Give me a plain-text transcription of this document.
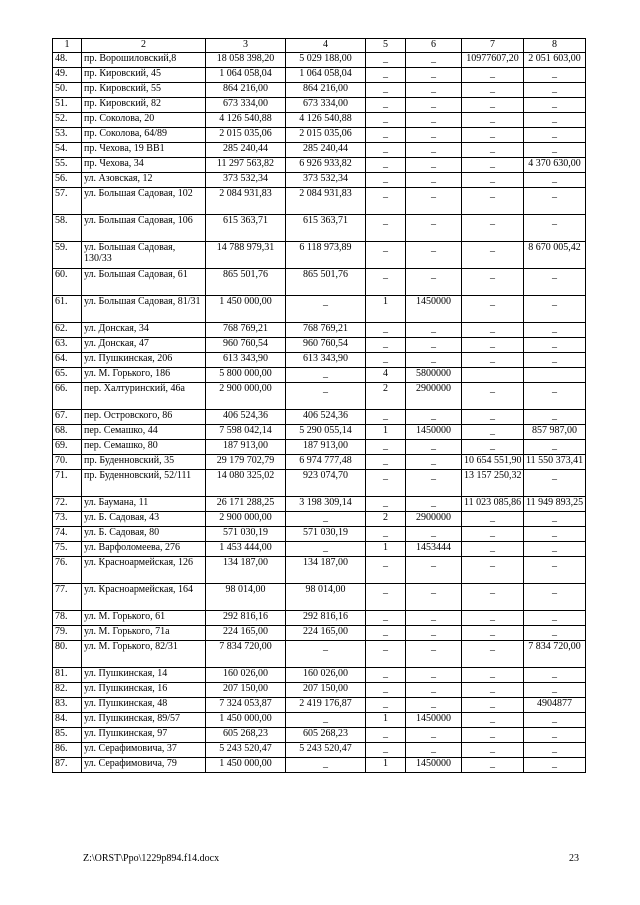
1	2	3	4	5	6	7	8
48.	пр. Ворошиловский,8	18 058 398,20	5 029 188,00	_	_	10977607,20	2 051 603,00
49.	пр. Кировский, 45	1 064 058,04	1 064 058,04	_	_	_	_
50.	пр. Кировский, 55	864 216,00	864 216,00	_	_	_	_
51.	пр. Кировский, 82	673 334,00	673 334,00	_	_	_	_
52.	пр. Соколова, 20	4 126 540,88	4 126 540,88	_	_	_	_
53.	пр. Соколова, 64/89	2 015 035,06	2 015 035,06	_	_	_	_
54.	пр. Чехова, 19 ВВ1	285 240,44	285 240,44	_	_	_	_
55.	пр. Чехова, 34	11 297 563,82	6 926 933,82	_	_	_	4 370 630,00
56.	ул. Азовская, 12	373 532,34	373 532,34	_	_	_	_
57.	ул. Большая Садовая, 102	2 084 931,83	2 084 931,83	_	_	_	_
58.	ул. Большая Садовая, 106	615 363,71	615 363,71	_	_	_	_
59.	ул. Большая Садовая, 130/33	14 788 979,31	6 118 973,89	_	_	_	8 670 005,42
60.	ул. Большая Садовая, 61	865 501,76	865 501,76	_	_	_	_
61.	ул. Большая Садовая, 81/31	1 450 000,00	_	1	1450000	_	_
62.	ул. Донская, 34	768 769,21	768 769,21	_	_	_	_
63.	ул. Донская, 47	960 760,54	960 760,54	_	_	_	_
64.	ул. Пушкинская, 206	613 343,90	613 343,90	_	_	_	_
65.	ул. М. Горького, 186	5 800 000,00	_	4	5800000		
66.	пер. Халтуринский, 46а	2 900 000,00	_	2	2900000	_	_
67.	пер. Островского, 86	406 524,36	406 524,36	_	_	_	_
68.	пер. Семашко, 44	7 598 042,14	5 290 055,14	1	1450000	_	857 987,00
69.	пер. Семашко, 80	187 913,00	187 913,00	_	_	_	_
70.	пр. Буденновский, 35	29 179 702,79	6 974 777,48	_	_	10 654 551,90	11 550 373,41
71.	пр. Буденновский, 52/111	14 080 325,02	923 074,70	_	_	13 157 250,32	_
72.	ул. Баумана, 11	26 171 288,25	3 198 309,14	_	_	11 023 085,86	11 949 893,25
73.	ул. Б. Садовая, 43	2 900 000,00	_	2	2900000	_	_
74.	ул. Б. Садовая, 80	571 030,19	571 030,19	_	_	_	_
75.	ул. Варфоломеева, 276	1 453 444,00	_	1	1453444	_	_
76.	ул. Красноармейская, 126	134 187,00	134 187,00	_	_	_	_
77.	ул. Красноармейская, 164	98 014,00	98 014,00	_	_	_	_
78.	ул. М. Горького, 61	292 816,16	292 816,16	_	_	_	_
79.	ул. М. Горького, 71а	224 165,00	224 165,00	_	_	_	_
80.	ул. М. Горького, 82/31	7 834 720,00	_	_	_	_	7 834 720,00
81.	ул. Пушкинская, 14	160 026,00	160 026,00	_	_	_	_
82.	ул. Пушкинская, 16	207 150,00	207 150,00	_	_	_	_
83.	ул. Пушкинская, 48	7 324 053,87	2 419 176,87	_	_	_	4904877
84.	ул. Пушкинская, 89/57	1 450 000,00	_	1	1450000	_	_
85.	ул. Пушкинская, 97	605 268,23	605 268,23	_	_	_	_
86.	ул. Серафимовича, 37	5 243 520,47	5 243 520,47	_	_	_	_
87.	ул. Серафимовича, 79	1 450 000,00	_	1	1450000	_	_
Z:\ORST\Ppo\1229p894.f14.docx	23
